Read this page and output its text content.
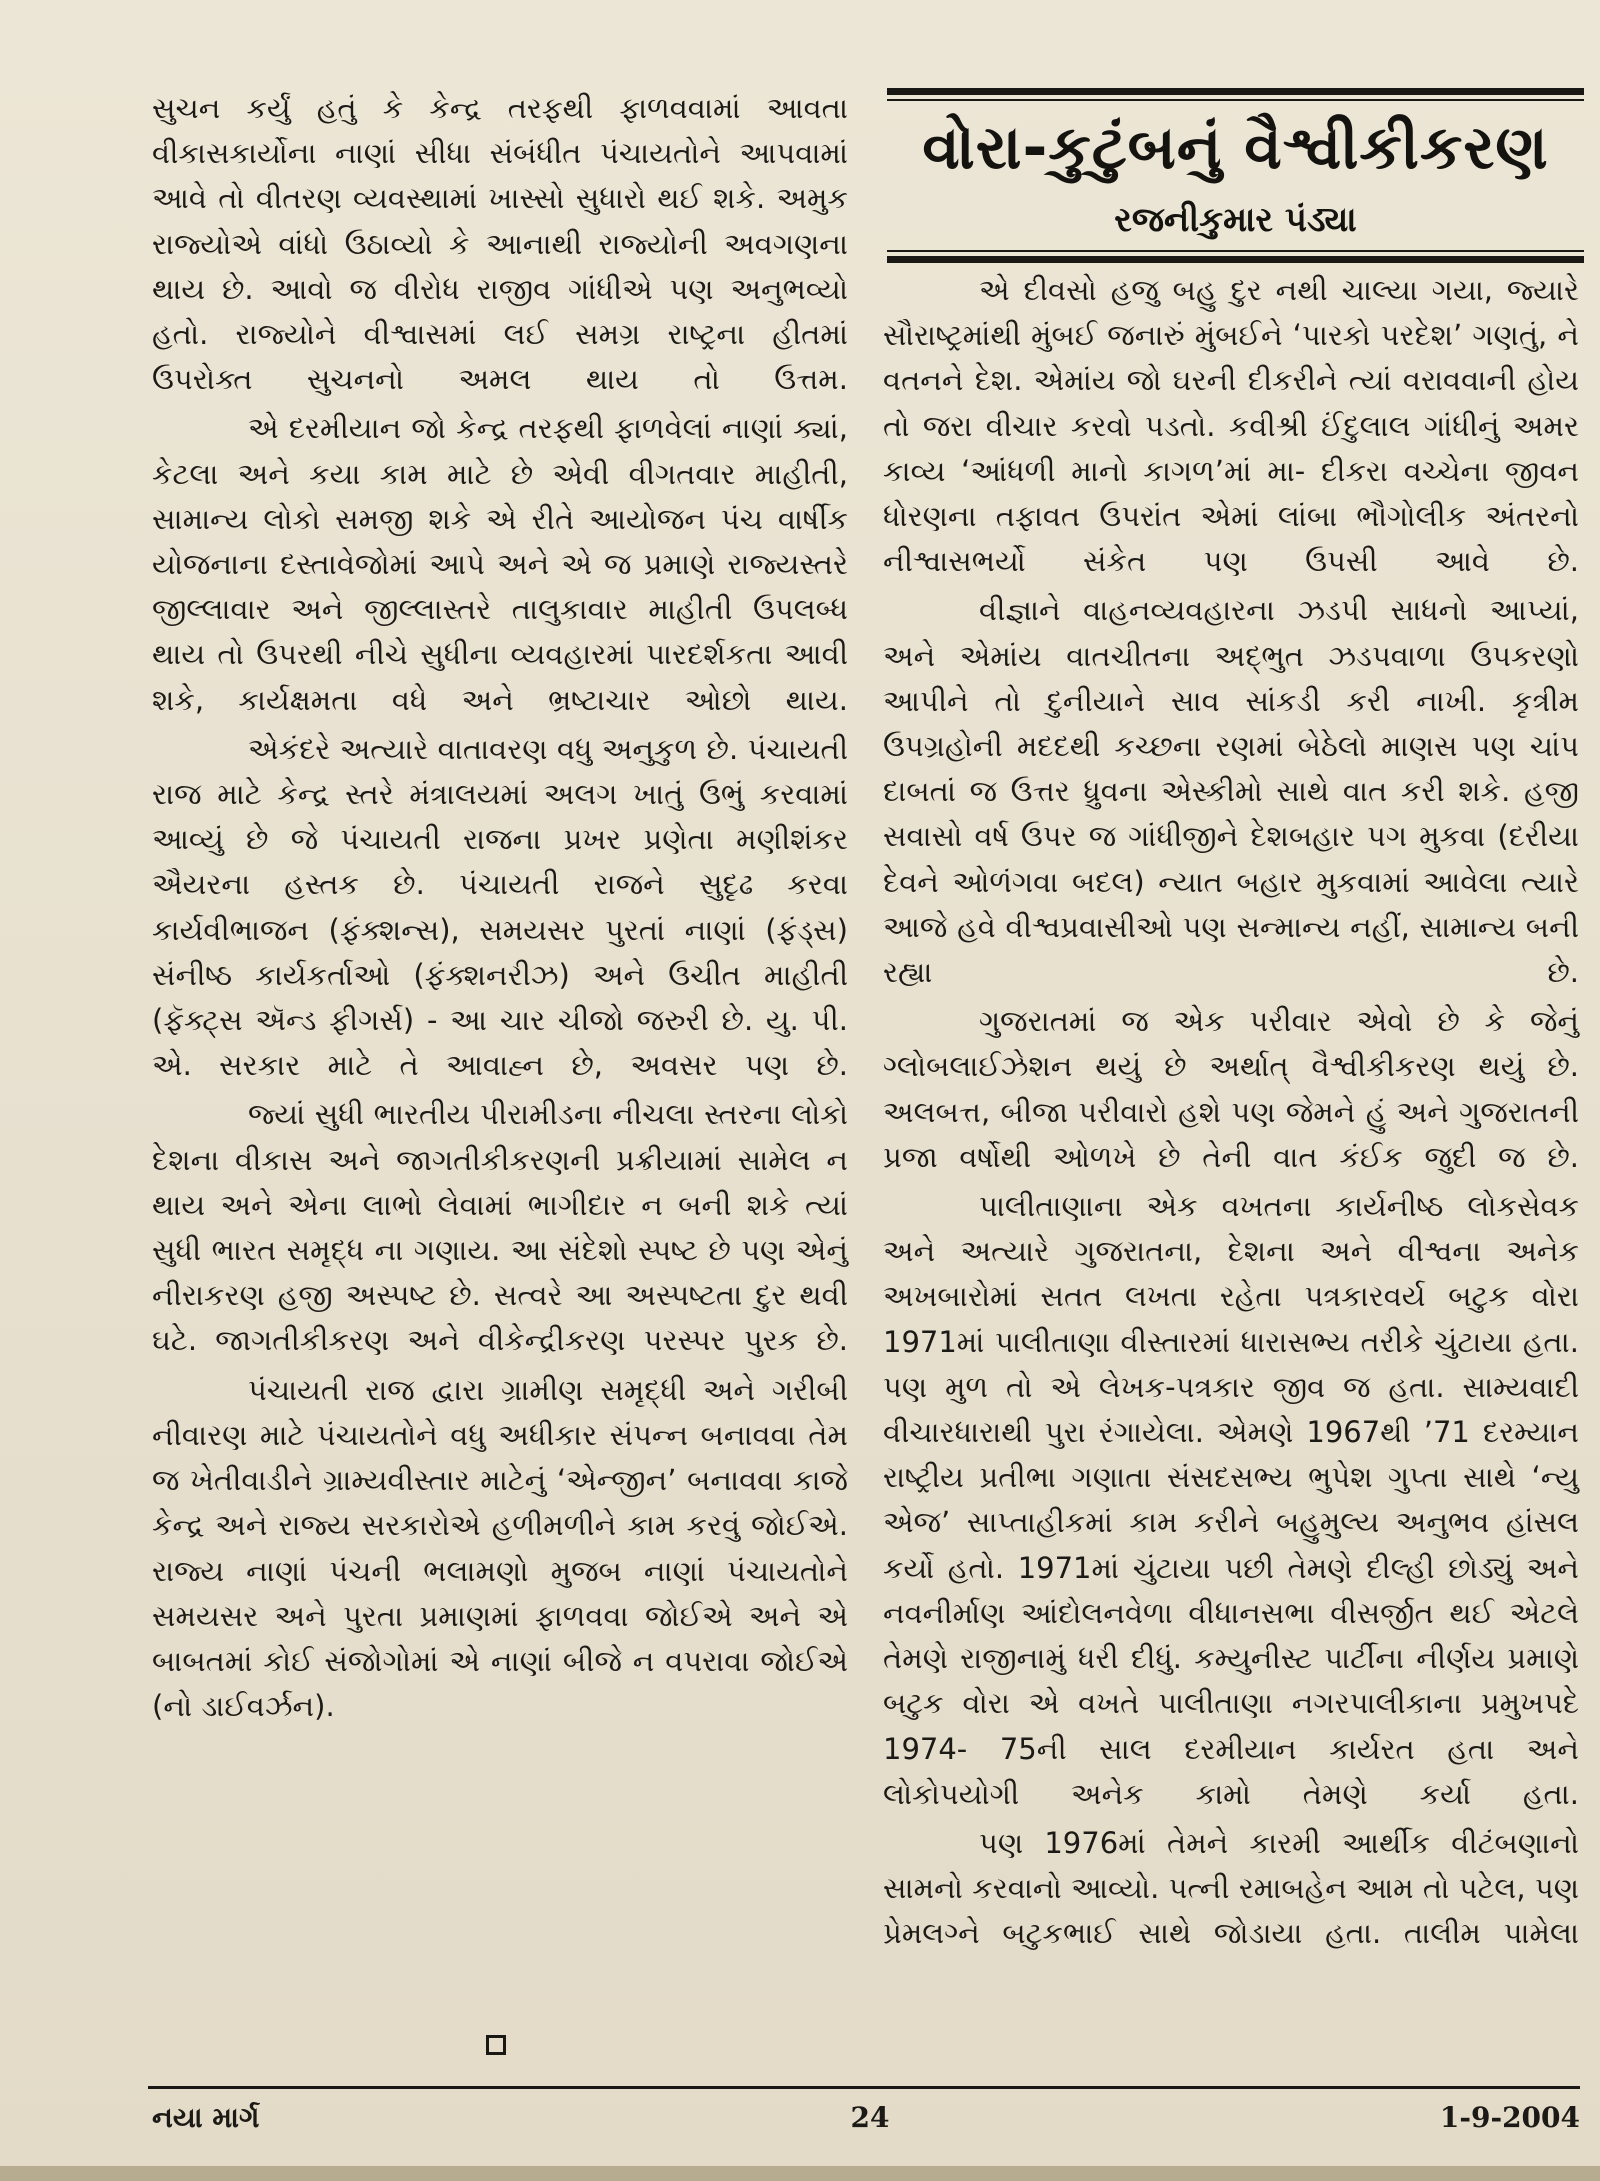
સુચન કર્યું હતું કે કેન્દ્ર તરફથી ફાળવવામાં આવતા વીકાસકાર્યોના નાણાં સીધા સંબંધીત પંચાયતોને આપવામાં આવે તો વીતરણ વ્યવસ્થામાં ખાસ્સો સુધારો થઈ શકે. અમુક રાજ્યોએ વાંધો ઉઠાવ્યો કે આનાથી રાજ્યોની અવગણના થાય છે. આવો જ વીરોધ રાજીવ ગાંધીએ પણ અનુભવ્યો હતો. રાજ્યોને વીશ્વાસમાં લઈ સમગ્ર રાષ્ટ્રના હીતમાં ઉપરોક્ત સુચનનો અમલ થાય તો ઉત્તમ.

એ દરમીયાન જો કેન્દ્ર તરફથી ફાળવેલાં નાણાં ક્યાં, કેટલા અને કયા કામ માટે છે એવી વીગતવાર માહીતી, સામાન્ય લોકો સમજી શકે એ રીતે આયોજન પંચ વાર્ષીક યોજનાના દસ્તાવેજોમાં આપે અને એ જ પ્રમાણે રાજ્યસ્તરે જીલ્લાવાર અને જીલ્લાસ્તરે તાલુકાવાર માહીતી ઉપલબ્ધ થાય તો ઉપરથી નીચે સુધીના વ્યવહારમાં પારદર્શકતા આવી શકે, કાર્યક્ષમતા વધે અને ભ્રષ્ટાચાર ઓછો થાય.

એકંદરે અત્યારે વાતાવરણ વધુ અનુકુળ છે. પંચાયતી રાજ માટે કેન્દ્ર સ્તરે મંત્રાલયમાં અલગ ખાતું ઉભું કરવામાં આવ્યું છે જે પંચાયતી રાજના પ્રખર પ્રણેતા મણીશંકર ઐયરના હસ્તક છે. પંચાયતી રાજને સુદૃઢ કરવા કાર્યવીભાજન (ફંક્શન્સ), સમયસર પુરતાં નાણાં (ફંડ્સ) સંનીષ્ઠ કાર્યકર્તાઓ (ફંક્શનરીઝ) અને ઉચીત માહીતી (ફૅક્ટ્સ ઍન્ડ ફીગર્સ) - આ ચાર ચીજો જરુરી છે. યુ. પી. એ. સરકાર માટે તે આવાહ્ન છે, અવસર પણ છે.

જ્યાં સુધી ભારતીય પીરામીડના નીચલા સ્તરના લોકો દેશના વીકાસ અને જાગતીકીકરણની પ્રક્રીયામાં સામેલ ન થાય અને એના લાભો લેવામાં ભાગીદાર ન બની શકે ત્યાં સુધી ભારત સમૃદ્ધ ના ગણાય. આ સંદેશો સ્પષ્ટ છે પણ એનું નીરાકરણ હજી અસ્પષ્ટ છે. સત્વરે આ અસ્પષ્ટતા દુર થવી ઘટે. જાગતીકીકરણ અને વીકેન્દ્રીકરણ પરસ્પર પુરક છે.

પંચાયતી રાજ દ્વારા ગ્રામીણ સમૃદ્ધી અને ગરીબી નીવારણ માટે પંચાયતોને વધુ અધીકાર સંપન્ન બનાવવા તેમ જ ખેતીવાડીને ગ્રામ્યવીસ્તાર માટેનું ‘એન્જીન’ બનાવવા કાજે કેન્દ્ર અને રાજ્ય સરકારોએ હળીમળીને કામ કરવું જોઈએ. રાજ્ય નાણાં પંચની ભલામણો મુજબ નાણાં પંચાયતોને સમયસર અને પુરતા પ્રમાણમાં ફાળવવા જોઈએ અને એ બાબતમાં કોઈ સંજોગોમાં એ નાણાં બીજે ન વપરાવા જોઈએ (નો ડાઈવર્ઝન).

વોરા-કુટુંબનું વૈશ્વીકીકરણ
રજનીકુમાર પંડ્યા

એ દીવસો હજુ બહુ દુર નથી ચાલ્યા ગયા, જ્યારે સૌરાષ્ટ્રમાંથી મુંબઈ જનારું મુંબઈને ‘પારકો પરદેશ’ ગણતું, ને વતનને દેશ. એમાંય જો ઘરની દીકરીને ત્યાં વરાવવાની હોય તો જરા વીચાર કરવો પડતો. કવીશ્રી ઈંદુલાલ ગાંધીનું અમર કાવ્ય ‘આંધળી માનો કાગળ’માં મા- દીકરા વચ્ચેના જીવન ધોરણના તફાવત ઉપરાંત એમાં લાંબા ભૌગોલીક અંતરનો નીશ્વાસભર્યો સંકેત પણ ઉપસી આવે છે.

વીજ્ઞાને વાહનવ્યવહારના ઝડપી સાધનો આપ્યાં, અને એમાંય વાતચીતના અદ્ભુત ઝડપવાળા ઉપકરણો આપીને તો દુનીયાને સાવ સાંકડી કરી નાખી. કૃત્રીમ ઉપગ્રહોની મદદથી કચ્છના રણમાં બેઠેલો માણસ પણ ચાંપ દાબતાં જ ઉત્તર ધ્રુવના એસ્કીમો સાથે વાત કરી શકે. હજી સવાસો વર્ષ ઉપર જ ગાંધીજીને દેશબહાર પગ મુકવા (દરીયા દેવને ઓળંગવા બદલ) ન્યાત બહાર મુકવામાં આવેલા ત્યારે આજે હવે વીશ્વપ્રવાસીઓ પણ સન્માન્ય નહીં, સામાન્ય બની રહ્યા છે.

ગુજરાતમાં જ એક પરીવાર એવો છે કે જેનું ગ્લોબલાઈઝેશન થયું છે અર્થાત્ વૈશ્વીકીકરણ થયું છે. અલબત્ત, બીજા પરીવારો હશે પણ જેમને હું અને ગુજરાતની પ્રજા વર્ષોથી ઓળખે છે તેની વાત કંઈક જુદી જ છે.

પાલીતાણાના એક વખતના કાર્યનીષ્ઠ લોકસેવક અને અત્યારે ગુજરાતના, દેશના અને વીશ્વના અનેક અખબારોમાં સતત લખતા રહેતા પત્રકારવર્ય બટુક વોરા 1971માં પાલીતાણા વીસ્તારમાં ધારાસભ્ય તરીકે ચુંટાયા હતા. પણ મુળ તો એ લેખક-પત્રકાર જીવ જ હતા. સામ્યવાદી વીચારધારાથી પુરા રંગાયેલા. એમણે 1967થી ’71 દરમ્યાન રાષ્ટ્રીય પ્રતીભા ગણાતા સંસદસભ્ય ભુપેશ ગુપ્તા સાથે ‘ન્યુ એજ’ સાપ્તાહીકમાં કામ કરીને બહુમુલ્ય અનુભવ હાંસલ કર્યો હતો. 1971માં ચુંટાયા પછી તેમણે દીલ્હી છોડ્યું અને નવનીર્માણ આંદોલનવેળા વીધાનસભા વીસર્જીત થઈ એટલે તેમણે રાજીનામું ધરી દીધું. કમ્યુનીસ્ટ પાર્ટીના નીર્ણય પ્રમાણે બટુક વોરા એ વખતે પાલીતાણા નગરપાલીકાના પ્રમુખપદે 1974- 75ની સાલ દરમીયાન કાર્યરત હતા અને લોકોપયોગી અનેક કામો તેમણે કર્યા હતા.

પણ 1976માં તેમને કારમી આર્થીક વીટંબણાનો સામનો કરવાનો આવ્યો. પત્ની રમાબહેન આમ તો પટેલ, પણ પ્રેમલગ્ને બટુકભાઈ સાથે જોડાયા હતા. તાલીમ પામેલા

નયા માર્ગ	24	1-9-2004
